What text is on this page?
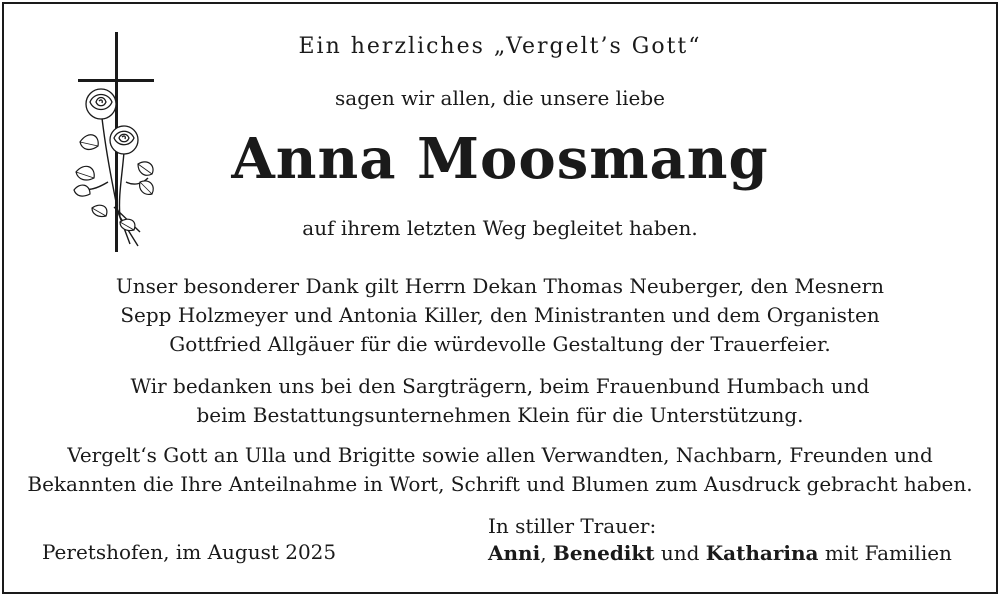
Ein herzliches „Vergelt’s Gott“
sagen wir allen, die unsere liebe
Anna Moosmang
auf ihrem letzten Weg begleitet haben.
Unser besonderer Dank gilt Herrn Dekan Thomas Neuberger, den Mesnern
Sepp Holzmeyer und Antonia Killer, den Ministranten und dem Organisten
Gottfried Allgäuer für die würdevolle Gestaltung der Trauerfeier.
Wir bedanken uns bei den Sargträgern, beim Frauenbund Humbach und
beim Bestattungsunternehmen Klein für die Unterstützung.
Vergelt‘s Gott an Ulla und Brigitte sowie allen Verwandten, Nachbarn, Freunden und
Bekannten die Ihre Anteilnahme in Wort, Schrift und Blumen zum Ausdruck gebracht haben.
Peretshofen, im August 2025
In stiller Trauer:
Anni, Benedikt und Katharina mit Familien
